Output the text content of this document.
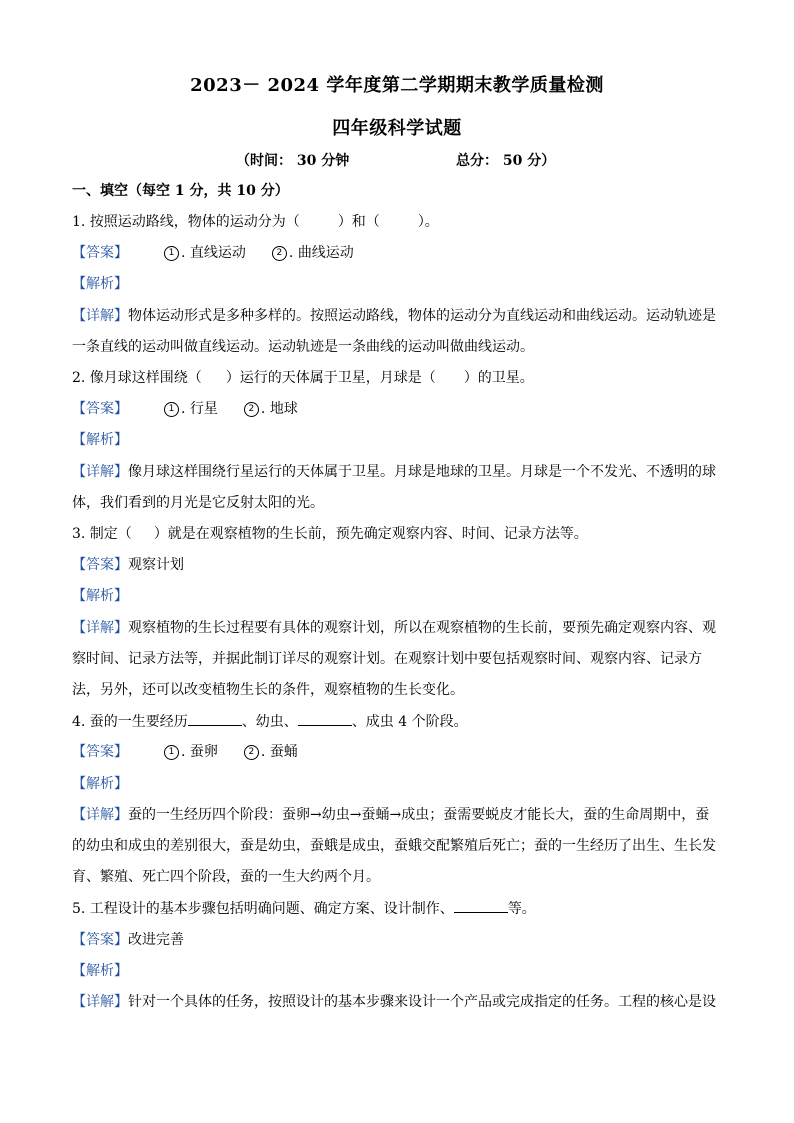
2023－ 2024 学年度第二学期期末教学质量检测
四年级科学试题
（时间： 30 分钟	总分： 50 分）
一、填空（每空 1 分，共 10 分）
1. 按照运动路线，物体的运动分为（	）和（	）。
【答案】	1 . 直线运动	2 . 曲线运动
【解析】
【详解】物体运动形式是多种多样的。按照运动路线，物体的运动分为直线运动和曲线运动。运动轨迹是
一条直线的运动叫做直线运动。运动轨迹是一条曲线的运动叫做曲线运动。
2. 像月球这样围绕（ ）运行的天体属于卫星，月球是（ ）的卫星。
【答案】	1 . 行星	2 . 地球
【解析】
【详解】像月球这样围绕行星运行的天体属于卫星。月球是地球的卫星。月球是一个不发光、不透明的球
体，我们看到的月光是它反射太阳的光。
3. 制定（ ）就是在观察植物的生长前，预先确定观察内容、时间、记录方法等。
【答案】观察计划
【解析】
【详解】观察植物的生长过程要有具体的观察计划，所以在观察植物的生长前，要预先确定观察内容、观
察时间、记录方法等，并据此制订详尽的观察计划。在观察计划中要包括观察时间、观察内容、记录方
法，另外，还可以改变植物生长的条件，观察植物的生长变化。
4. 蚕的一生要经历	、幼虫、	、成虫 4 个阶段。
【答案】	1 . 蚕卵	2 . 蚕蛹
【解析】
【详解】蚕的一生经历四个阶段：蚕卵→幼虫→蚕蛹→成虫；蚕需要蜕皮才能长大，蚕的生命周期中，蚕
的幼虫和成虫的差别很大，蚕是幼虫，蚕蛾是成虫，蚕蛾交配繁殖后死亡；蚕的一生经历了出生、生长发
育、繁殖、死亡四个阶段，蚕的一生大约两个月。
5. 工程设计的基本步骤包括明确问题、确定方案、设计制作、	等。
【答案】改进完善
【解析】
【详解】针对一个具体的任务，按照设计的基本步骤来设计一个产品或完成指定的任务。工程的核心是设
